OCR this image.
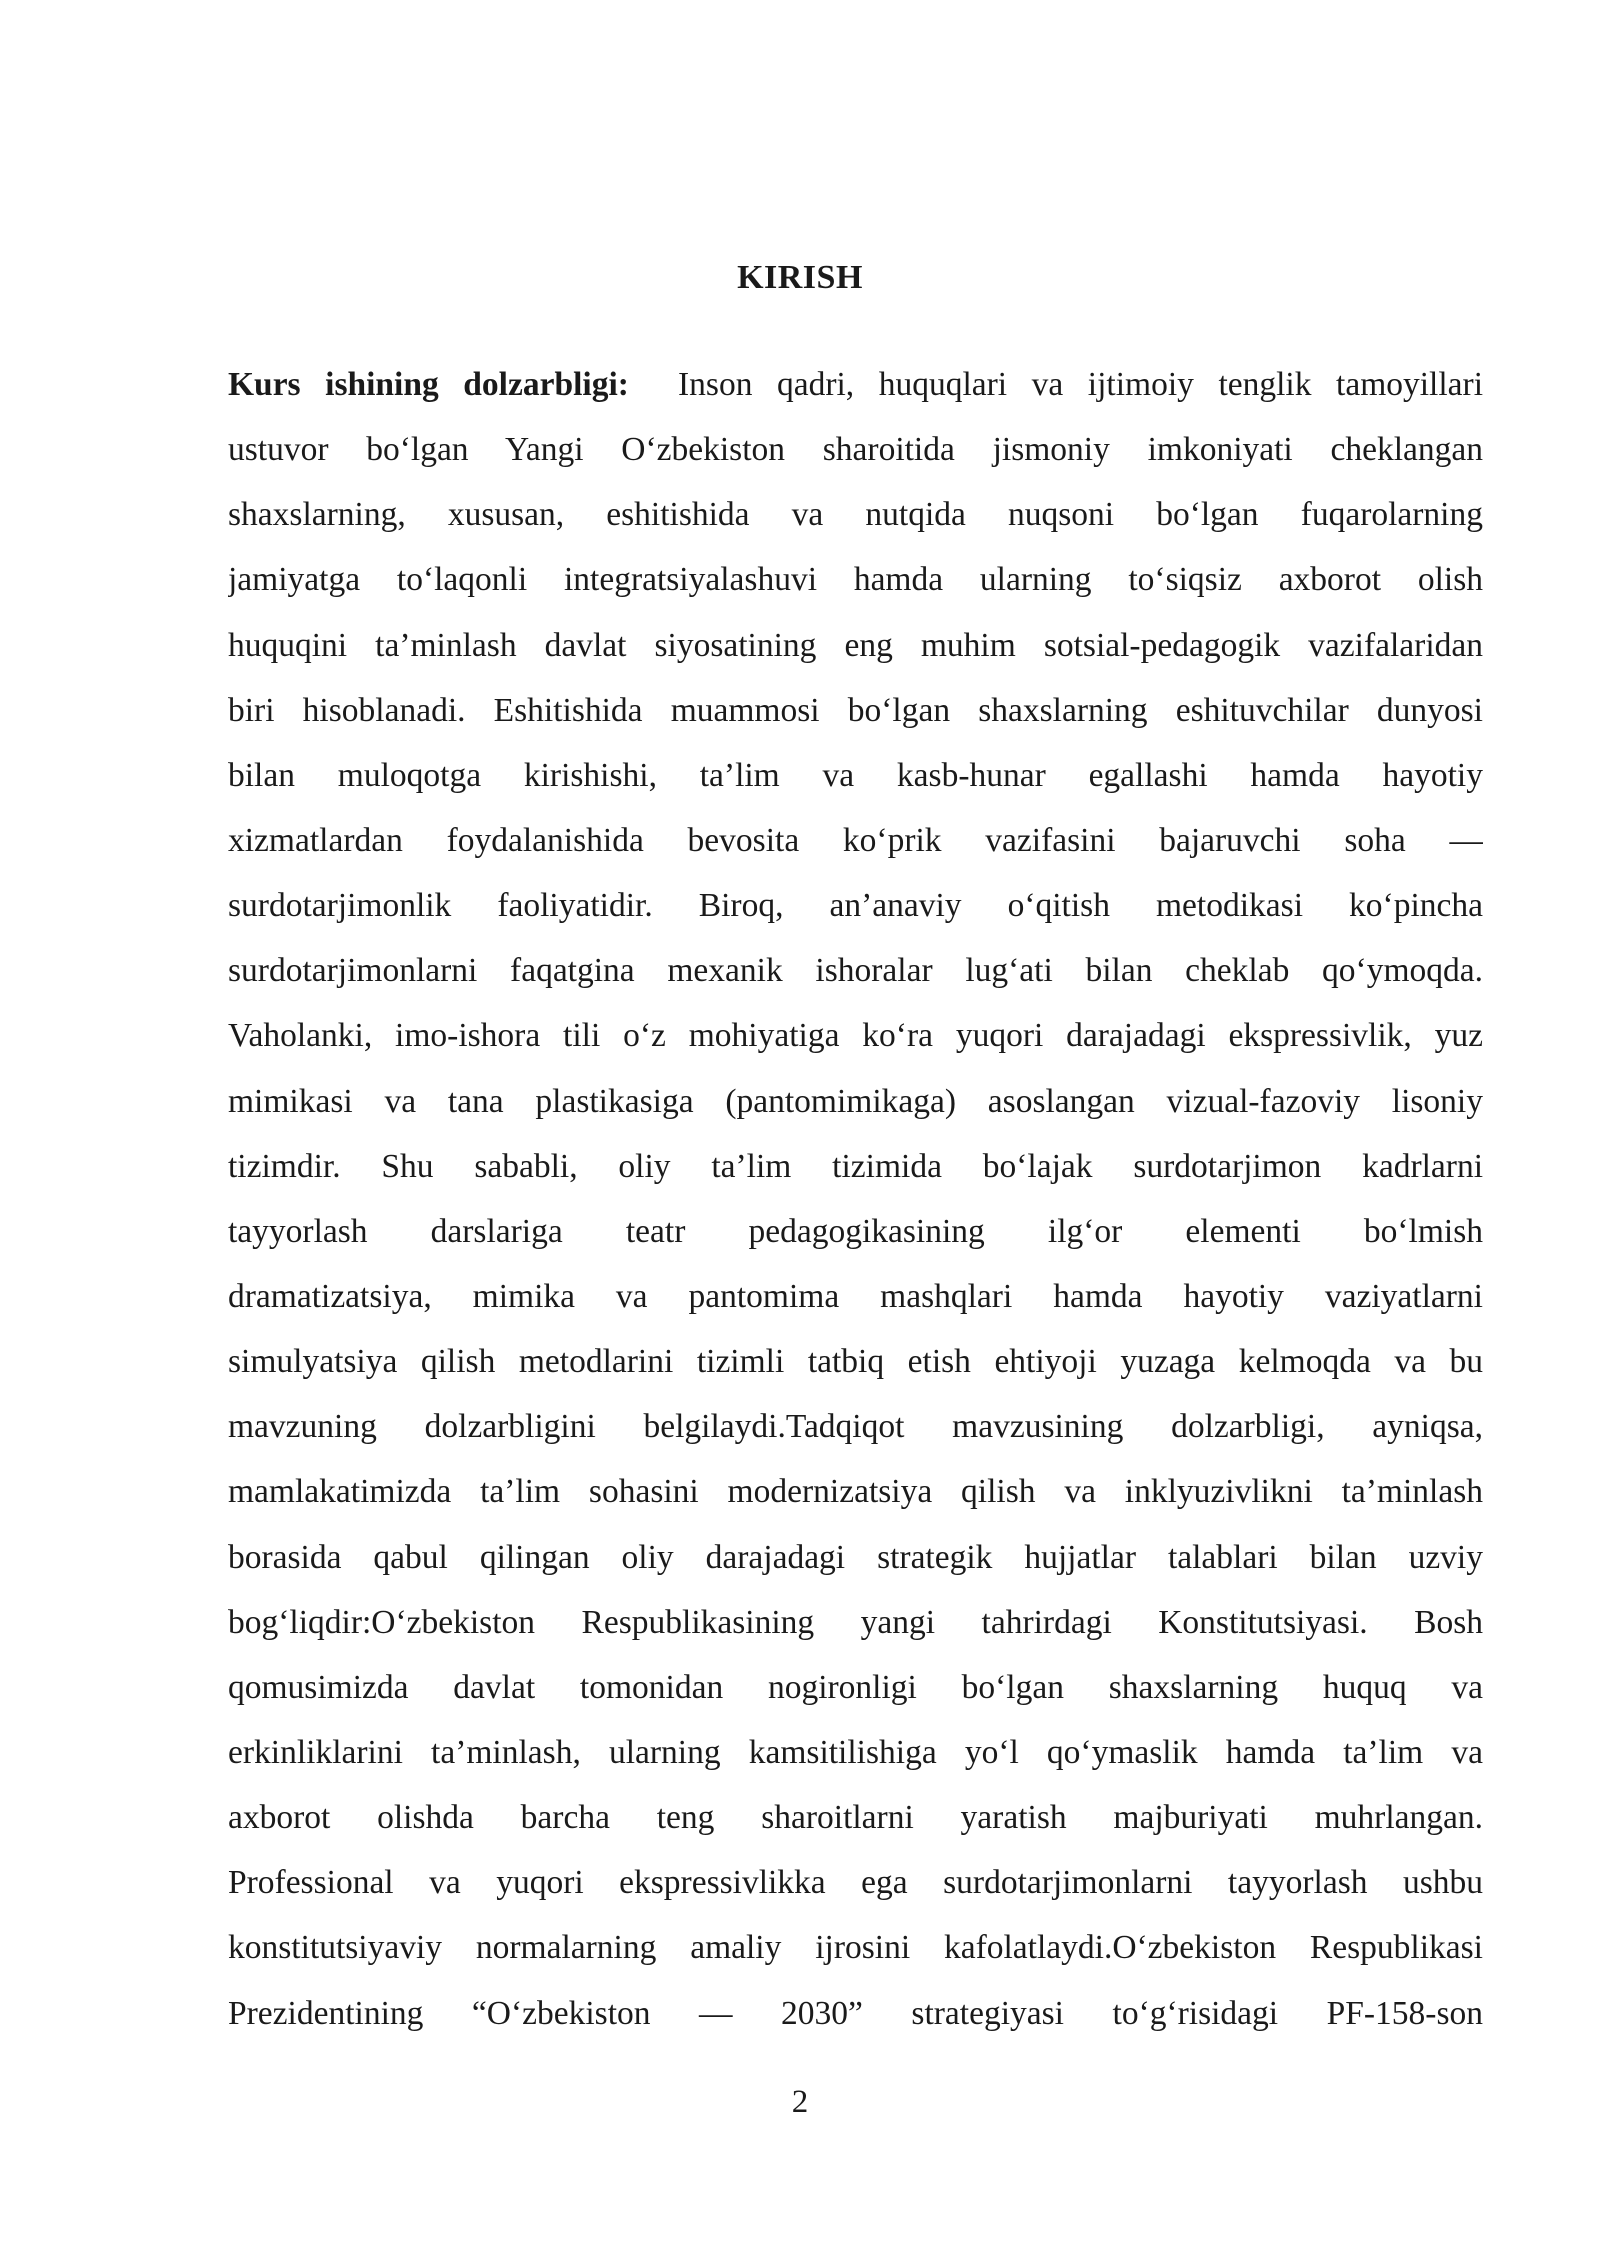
KIRISH
Kurs ishining dolzarbligi: Inson qadri, huquqlari va ijtimoiy tenglik tamoyillari
ustuvor bo‘lgan Yangi O‘zbekiston sharoitida jismoniy imkoniyati cheklangan
shaxslarning, xususan, eshitishida va nutqida nuqsoni bo‘lgan fuqarolarning
jamiyatga to‘laqonli integratsiyalashuvi hamda ularning to‘siqsiz axborot olish
huquqini ta’minlash davlat siyosatining eng muhim sotsial-pedagogik vazifalaridan
biri hisoblanadi. Eshitishida muammosi bo‘lgan shaxslarning eshituvchilar dunyosi
bilan muloqotga kirishishi, ta’lim va kasb-hunar egallashi hamda hayotiy
xizmatlardan foydalanishida bevosita ko‘prik vazifasini bajaruvchi soha —
surdotarjimonlik faoliyatidir. Biroq, an’anaviy o‘qitish metodikasi ko‘pincha
surdotarjimonlarni faqatgina mexanik ishoralar lug‘ati bilan cheklab qo‘ymoqda.
Vaholanki, imo-ishora tili o‘z mohiyatiga ko‘ra yuqori darajadagi ekspressivlik, yuz
mimikasi va tana plastikasiga (pantomimikaga) asoslangan vizual-fazoviy lisoniy
tizimdir. Shu sababli, oliy ta’lim tizimida bo‘lajak surdotarjimon kadrlarni
tayyorlash darslariga teatr pedagogikasining ilg‘or elementi bo‘lmish
dramatizatsiya, mimika va pantomima mashqlari hamda hayotiy vaziyatlarni
simulyatsiya qilish metodlarini tizimli tatbiq etish ehtiyoji yuzaga kelmoqda va bu
mavzuning dolzarbligini belgilaydi.Tadqiqot mavzusining dolzarbligi, ayniqsa,
mamlakatimizda ta’lim sohasini modernizatsiya qilish va inklyuzivlikni ta’minlash
borasida qabul qilingan oliy darajadagi strategik hujjatlar talablari bilan uzviy
bog‘liqdir:O‘zbekiston Respublikasining yangi tahrirdagi Konstitutsiyasi. Bosh
qomusimizda davlat tomonidan nogironligi bo‘lgan shaxslarning huquq va
erkinliklarini ta’minlash, ularning kamsitilishiga yo‘l qo‘ymaslik hamda ta’lim va
axborot olishda barcha teng sharoitlarni yaratish majburiyati muhrlangan.
Professional va yuqori ekspressivlikka ega surdotarjimonlarni tayyorlash ushbu
konstitutsiyaviy normalarning amaliy ijrosini kafolatlaydi.O‘zbekiston Respublikasi
Prezidentining “O‘zbekiston — 2030” strategiyasi to‘g‘risidagi PF-158-son
2
